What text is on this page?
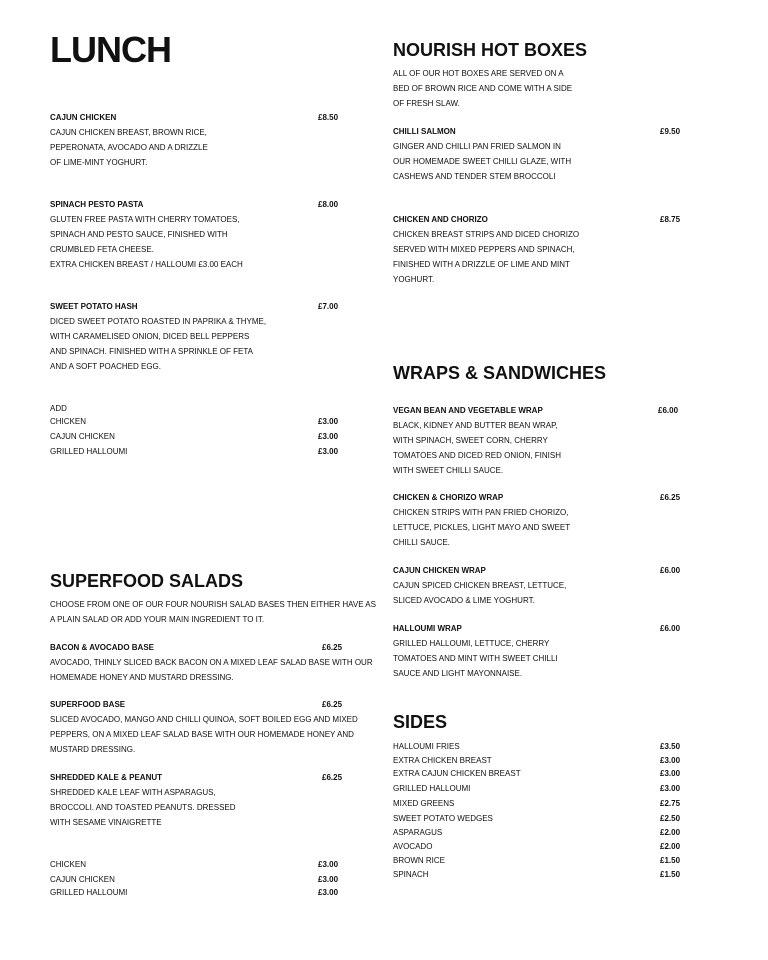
LUNCH
CAJUN CHICKEN	£8.50
CAJUN CHICKEN BREAST, BROWN RICE,
PEPERONATA, AVOCADO AND A DRIZZLE
OF LIME-MINT YOGHURT.
SPINACH PESTO PASTA	£8.00
GLUTEN FREE PASTA WITH CHERRY TOMATOES,
SPINACH AND PESTO SAUCE, FINISHED WITH
CRUMBLED FETA CHEESE.
EXTRA CHICKEN BREAST / HALLOUMI £3.00 EACH
SWEET POTATO HASH	£7.00
DICED SWEET POTATO ROASTED IN PAPRIKA & THYME,
WITH CARAMELISED ONION, DICED BELL PEPPERS
AND SPINACH. FINISHED WITH A SPRINKLE OF FETA
AND A SOFT POACHED EGG.
ADD
CHICKEN	£3.00
CAJUN CHICKEN	£3.00
GRILLED HALLOUMI	£3.00
SUPERFOOD SALADS
CHOOSE FROM ONE OF OUR FOUR NOURISH SALAD BASES THEN EITHER HAVE AS
A PLAIN SALAD OR ADD YOUR MAIN INGREDIENT TO IT.
BACON & AVOCADO BASE	£6.25
AVOCADO, THINLY SLICED BACK BACON ON A MIXED LEAF SALAD BASE WITH OUR
HOMEMADE HONEY AND MUSTARD DRESSING.
SUPERFOOD BASE	£6.25
SLICED AVOCADO, MANGO AND CHILLI QUINOA, SOFT BOILED EGG AND MIXED
PEPPERS, ON A MIXED LEAF SALAD BASE WITH OUR HOMEMADE HONEY AND
MUSTARD DRESSING.
SHREDDED KALE & PEANUT	£6.25
SHREDDED KALE LEAF WITH ASPARAGUS,
BROCCOLI. AND TOASTED PEANUTS. DRESSED
WITH SESAME VINAIGRETTE
CHICKEN	£3.00
CAJUN CHICKEN	£3.00
GRILLED HALLOUMI	£3.00
NOURISH HOT BOXES
ALL OF OUR HOT BOXES ARE SERVED ON A
BED OF BROWN RICE AND COME WITH A SIDE
OF FRESH SLAW.
CHILLI SALMON	£9.50
GINGER AND CHILLI PAN FRIED SALMON IN
OUR HOMEMADE SWEET CHILLI GLAZE, WITH
CASHEWS AND TENDER STEM BROCCOLI
CHICKEN AND CHORIZO	£8.75
CHICKEN BREAST STRIPS AND DICED CHORIZO
SERVED WITH MIXED PEPPERS AND SPINACH,
FINISHED WITH A DRIZZLE OF LIME AND MINT
YOGHURT.
WRAPS & SANDWICHES
VEGAN BEAN AND VEGETABLE WRAP	£6.00
BLACK, KIDNEY AND BUTTER BEAN WRAP,
WITH SPINACH, SWEET CORN, CHERRY
TOMATOES AND DICED RED ONION, FINISH
WITH SWEET CHILLI SAUCE.
CHICKEN & CHORIZO WRAP	£6.25
CHICKEN STRIPS WITH PAN FRIED CHORIZO,
LETTUCE, PICKLES, LIGHT MAYO AND SWEET
CHILLI SAUCE.
CAJUN CHICKEN WRAP	£6.00
CAJUN SPICED CHICKEN BREAST, LETTUCE,
SLICED AVOCADO & LIME YOGHURT.
HALLOUMI WRAP	£6.00
GRILLED HALLOUMI, LETTUCE, CHERRY
TOMATOES AND MINT WITH SWEET CHILLI
SAUCE AND LIGHT MAYONNAISE.
SIDES
HALLOUMI FRIES	£3.50
EXTRA CHICKEN BREAST	£3.00
EXTRA CAJUN CHICKEN BREAST	£3.00
GRILLED HALLOUMI	£3.00
MIXED GREENS	£2.75
SWEET POTATO WEDGES	£2.50
ASPARAGUS	£2.00
AVOCADO	£2.00
BROWN RICE	£1.50
SPINACH	£1.50
